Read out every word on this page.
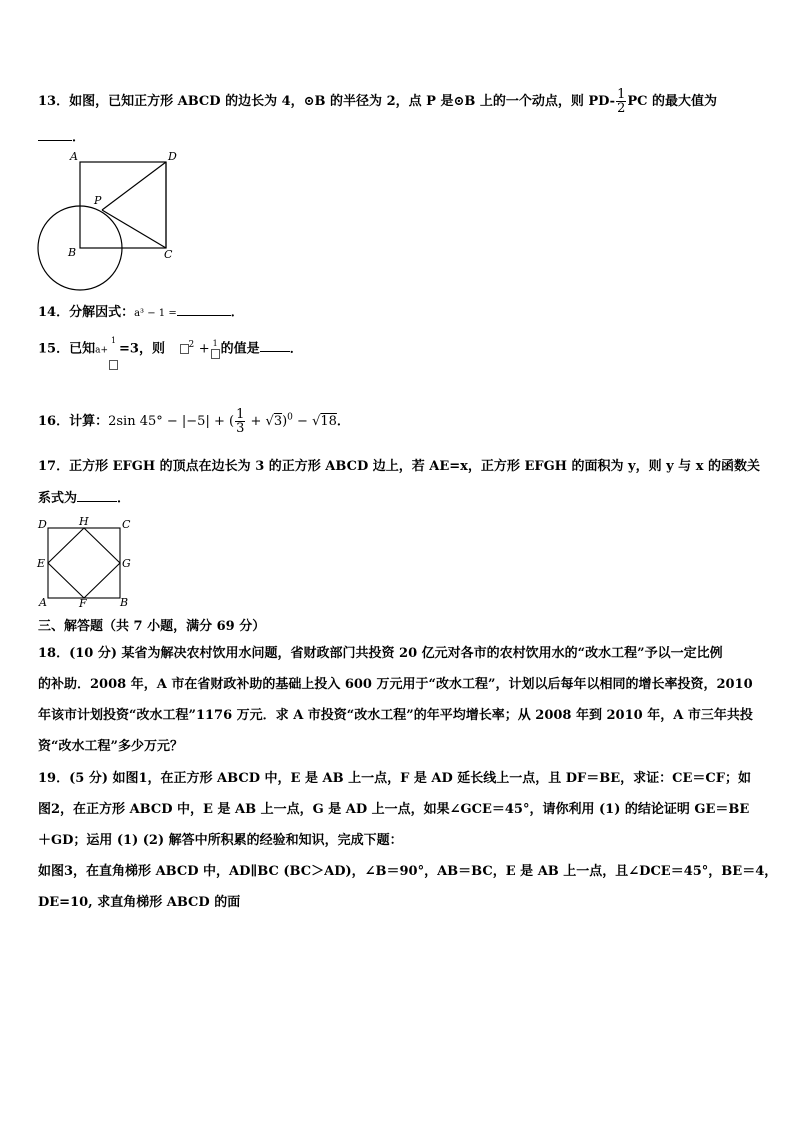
13．如图，已知正方形 ABCD 的边长为 4，⊙B 的半径为 2，点 P 是⊙B 上的一个动点，则 $PD- \frac{1}{2}$ PC 的最大值为
．
A	D
P
B	C
14．分解因式：a³ − 1 =	．
15．已知a+
1
=3，则	$^2$ + 1 的值是 ．
16．计算：2sin 45° − |−5| + ( $\frac{1}{3} + √3)^0 - √18$．
17．正方形 EFGH 的顶点在边长为 3 的正方形 ABCD 边上，若 AE=x，正方形 EFGH 的面积为 y，则 y 与 x 的函数关
系式为	．
D	H	C
E	G
A	F	B
三、解答题（共 7 小题，满分 69 分）
18．(10 分) 某省为解决农村饮用水问题，省财政部门共投资 20 亿元对各市的农村饮用水的“改水工程”予以一定比例
的补助．2008 年，A 市在省财政补助的基础上投入 600 万元用于“改水工程”，计划以后每年以相同的增长率投资，2010
年该市计划投资“改水工程”1176 万元．求 A 市投资“改水工程”的年平均增长率；从 2008 年到 2010 年，A 市三年共投
资“改水工程”多少万元？
19．(5 分) 如图1，在正方形 ABCD 中，E 是 AB 上一点，F 是 AD 延长线上一点，且 DF＝BE，求证：CE＝CF；如
图2，在正方形 ABCD 中，E 是 AB 上一点，G 是 AD 上一点，如果∠GCE＝45°，请你利用 (1) 的结论证明 GE＝BE
＋GD；运用 (1) (2) 解答中所积累的经验和知识，完成下题：
如图3，在直角梯形 ABCD 中，AD∥BC (BC＞AD)，∠B＝90°，AB＝BC，E 是 AB 上一点，且∠DCE＝45°，BE＝4，
DE=10, 求直角梯形 ABCD 的面
